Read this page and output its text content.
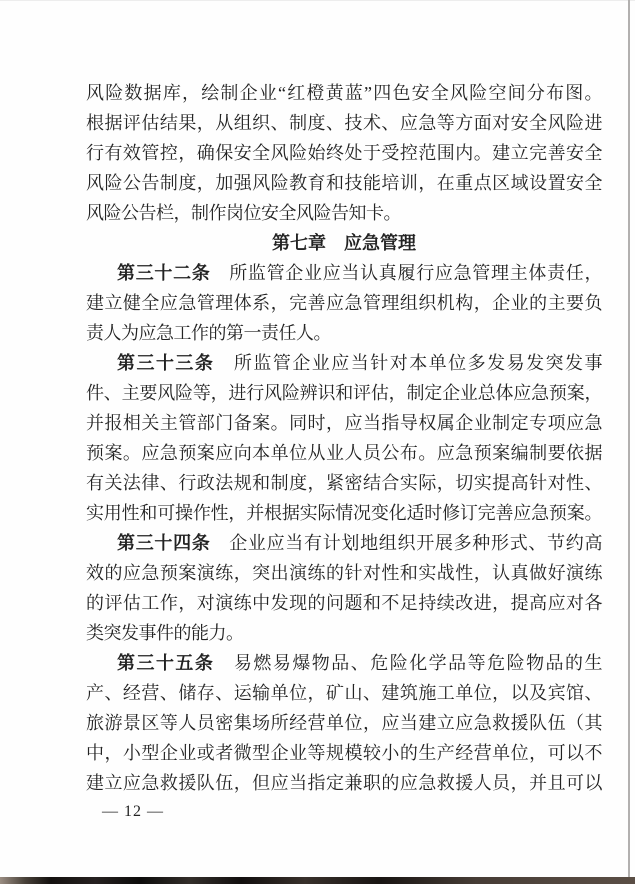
风险数据库，绘制企业“红橙黄蓝”四色安全风险空间分布图。
根据评估结果，从组织、制度、技术、应急等方面对安全风险进
行有效管控，确保安全风险始终处于受控范围内。建立完善安全
风险公告制度，加强风险教育和技能培训，在重点区域设置安全
风险公告栏，制作岗位安全风险告知卡。
第七章　应急管理
第三十二条　所监管企业应当认真履行应急管理主体责任，
建立健全应急管理体系，完善应急管理组织机构，企业的主要负
责人为应急工作的第一责任人。
第三十三条　所监管企业应当针对本单位多发易发突发事
件、主要风险等，进行风险辨识和评估，制定企业总体应急预案，
并报相关主管部门备案。同时，应当指导权属企业制定专项应急
预案。应急预案应向本单位从业人员公布。应急预案编制要依据
有关法律、行政法规和制度，紧密结合实际，切实提高针对性、
实用性和可操作性，并根据实际情况变化适时修订完善应急预案。
第三十四条　企业应当有计划地组织开展多种形式、节约高
效的应急预案演练，突出演练的针对性和实战性，认真做好演练
的评估工作，对演练中发现的问题和不足持续改进，提高应对各
类突发事件的能力。
第三十五条　易燃易爆物品、危险化学品等危险物品的生
产、经营、储存、运输单位，矿山、建筑施工单位，以及宾馆、
旅游景区等人员密集场所经营单位，应当建立应急救援队伍（其
中，小型企业或者微型企业等规模较小的生产经营单位，可以不
建立应急救援队伍，但应当指定兼职的应急救援人员，并且可以
— 12 —
